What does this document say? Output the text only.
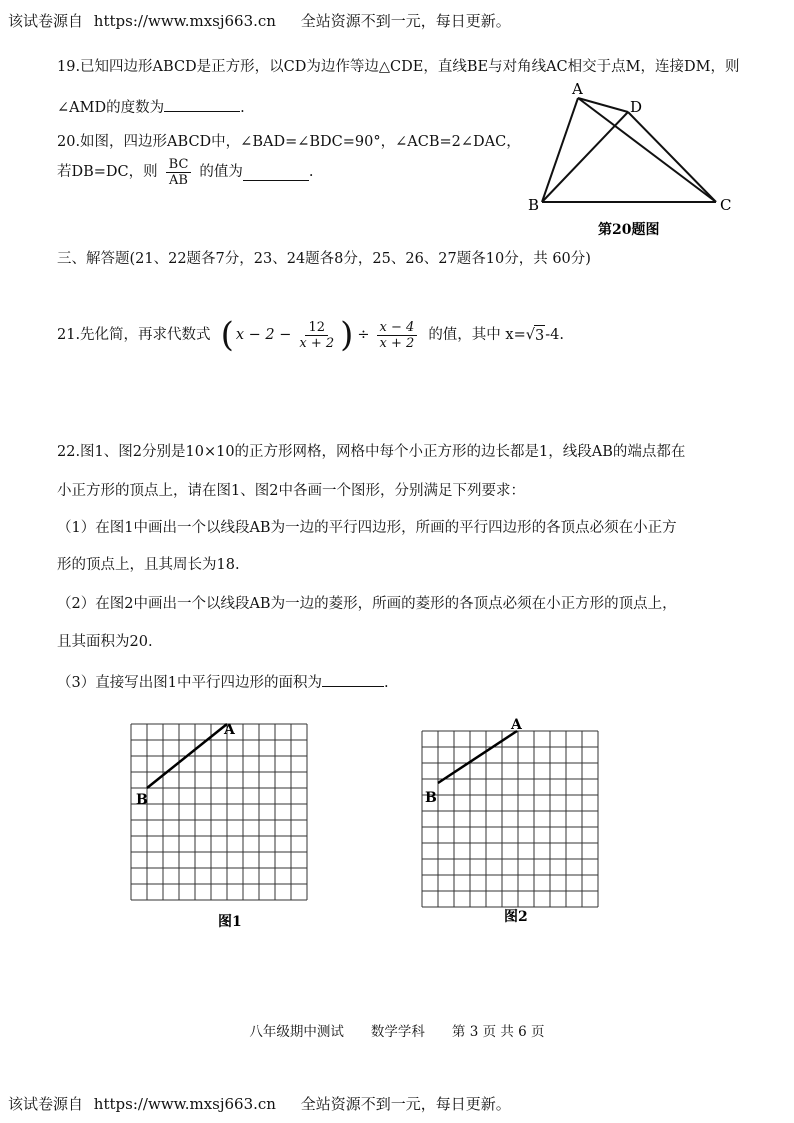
该试卷源自 https://www.mxsj663.cn 全站资源不到一元，每日更新。
19.已知四边形ABCD是正方形，以CD为边作等边△CDE，直线BE与对角线AC相交于点M，连接DM，则
∠AMD的度数为	.
20.如图，四边形ABCD中，∠BAD=∠BDC=90°，∠ACB=2∠DAC，
若DB=DC，则 $\frac{BC}{AB}$ 的值为	.
A
D
B	C
第20题图
三、解答题(21、22题各7分，23、24题各8分，25、26、27题各10分，共 60分)
21.先化简，再求代数式 ( $x - 2 - \frac{12}{x + 2}$ ) ÷ $\frac{x - 4}{x + 2}$ 的值，其中 x= √ 3 -4.
22.图1、图2分别是10×10的正方形网格，网格中每个小正方形的边长都是1，线段AB的端点都在
小正方形的顶点上，请在图1、图2中各画一个图形，分别满足下列要求：
（1）在图1中画出一个以线段AB为一边的平行四边形，所画的平行四边形的各顶点必须在小正方
形的顶点上，且其周长为18.
（2）在图2中画出一个以线段AB为一边的菱形，所画的菱形的各顶点必须在小正方形的顶点上，
且其面积为20.
（3）直接写出图1中平行四边形的面积为	.
A
B
图1
A
B
图2
八年级期中测试　　数学学科　　第 3 页 共 6 页
该试卷源自 https://www.mxsj663.cn 全站资源不到一元，每日更新。
